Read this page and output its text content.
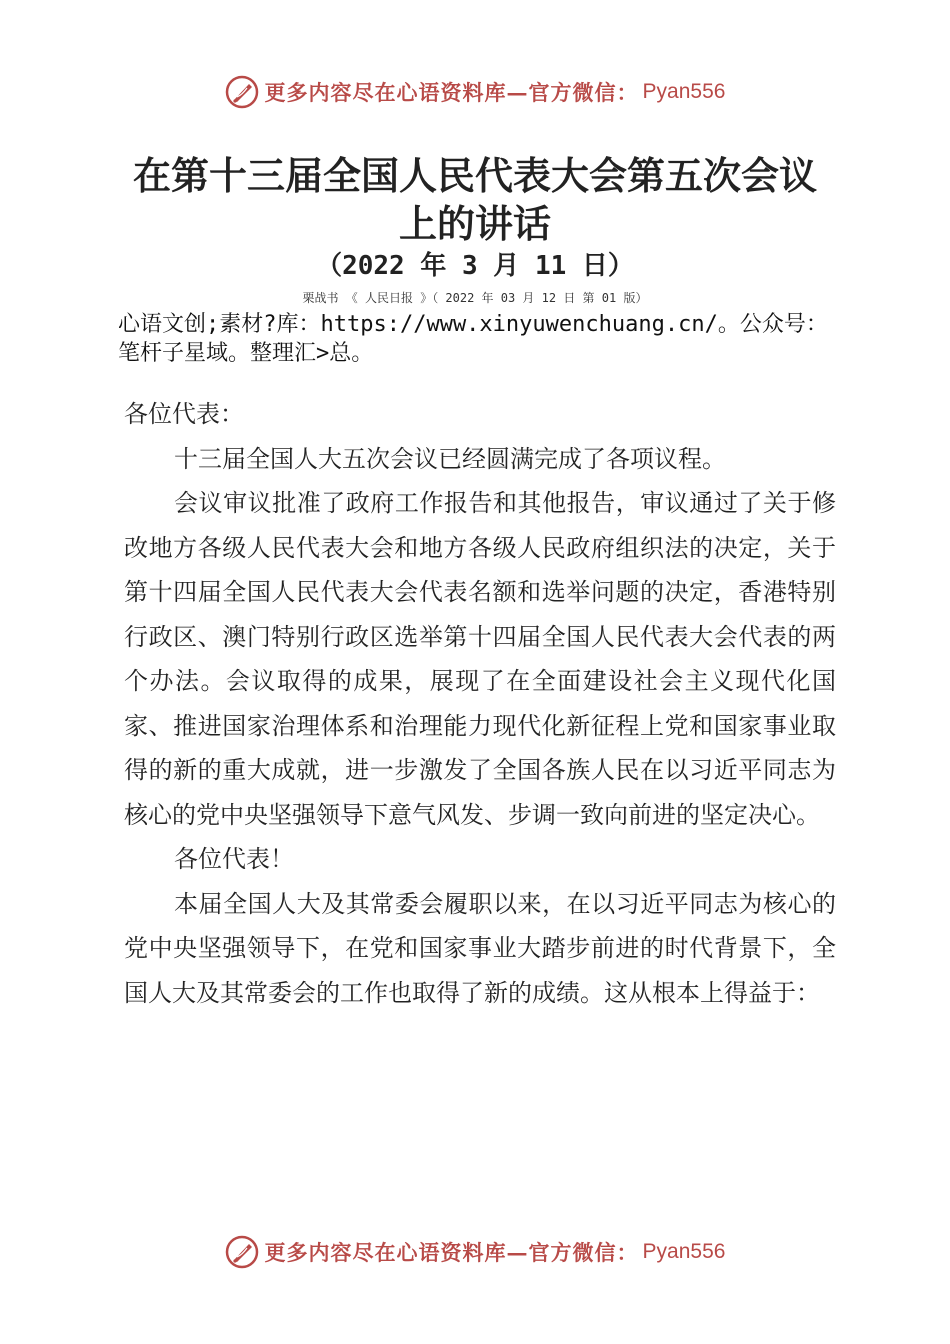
更多内容尽在心语资料库—官方微信： Pyan556
在第十三届全国人民代表大会第五次会议
上的讲话
（2022 年 3 月 11 日）
栗战书 《 人民日报 》（ 2022 年 03 月 12 日 第 01 版）
心语文创;素材?库：https://www.xinyuwenchuang.cn/。公众号：笔杆子星域。整理汇>总。

各位代表：

十三届全国人大五次会议已经圆满完成了各项议程。

会议审议批准了政府工作报告和其他报告，审议通过了关于修改地方各级人民代表大会和地方各级人民政府组织法的决定，关于第十四届全国人民代表大会代表名额和选举问题的决定，香港特别行政区、澳门特别行政区选举第十四届全国人民代表大会代表的两个办法。会议取得的成果，展现了在全面建设社会主义现代化国家、推进国家治理体系和治理能力现代化新征程上党和国家事业取得的新的重大成就，进一步激发了全国各族人民在以习近平同志为核心的党中央坚强领导下意气风发、步调一致向前进的坚定决心。

各位代表！

本届全国人大及其常委会履职以来，在以习近平同志为核心的党中央坚强领导下，在党和国家事业大踏步前进的时代背景下，全国人大及其常委会的工作也取得了新的成绩。这从根本上得益于：

更多内容尽在心语资料库—官方微信： Pyan556
